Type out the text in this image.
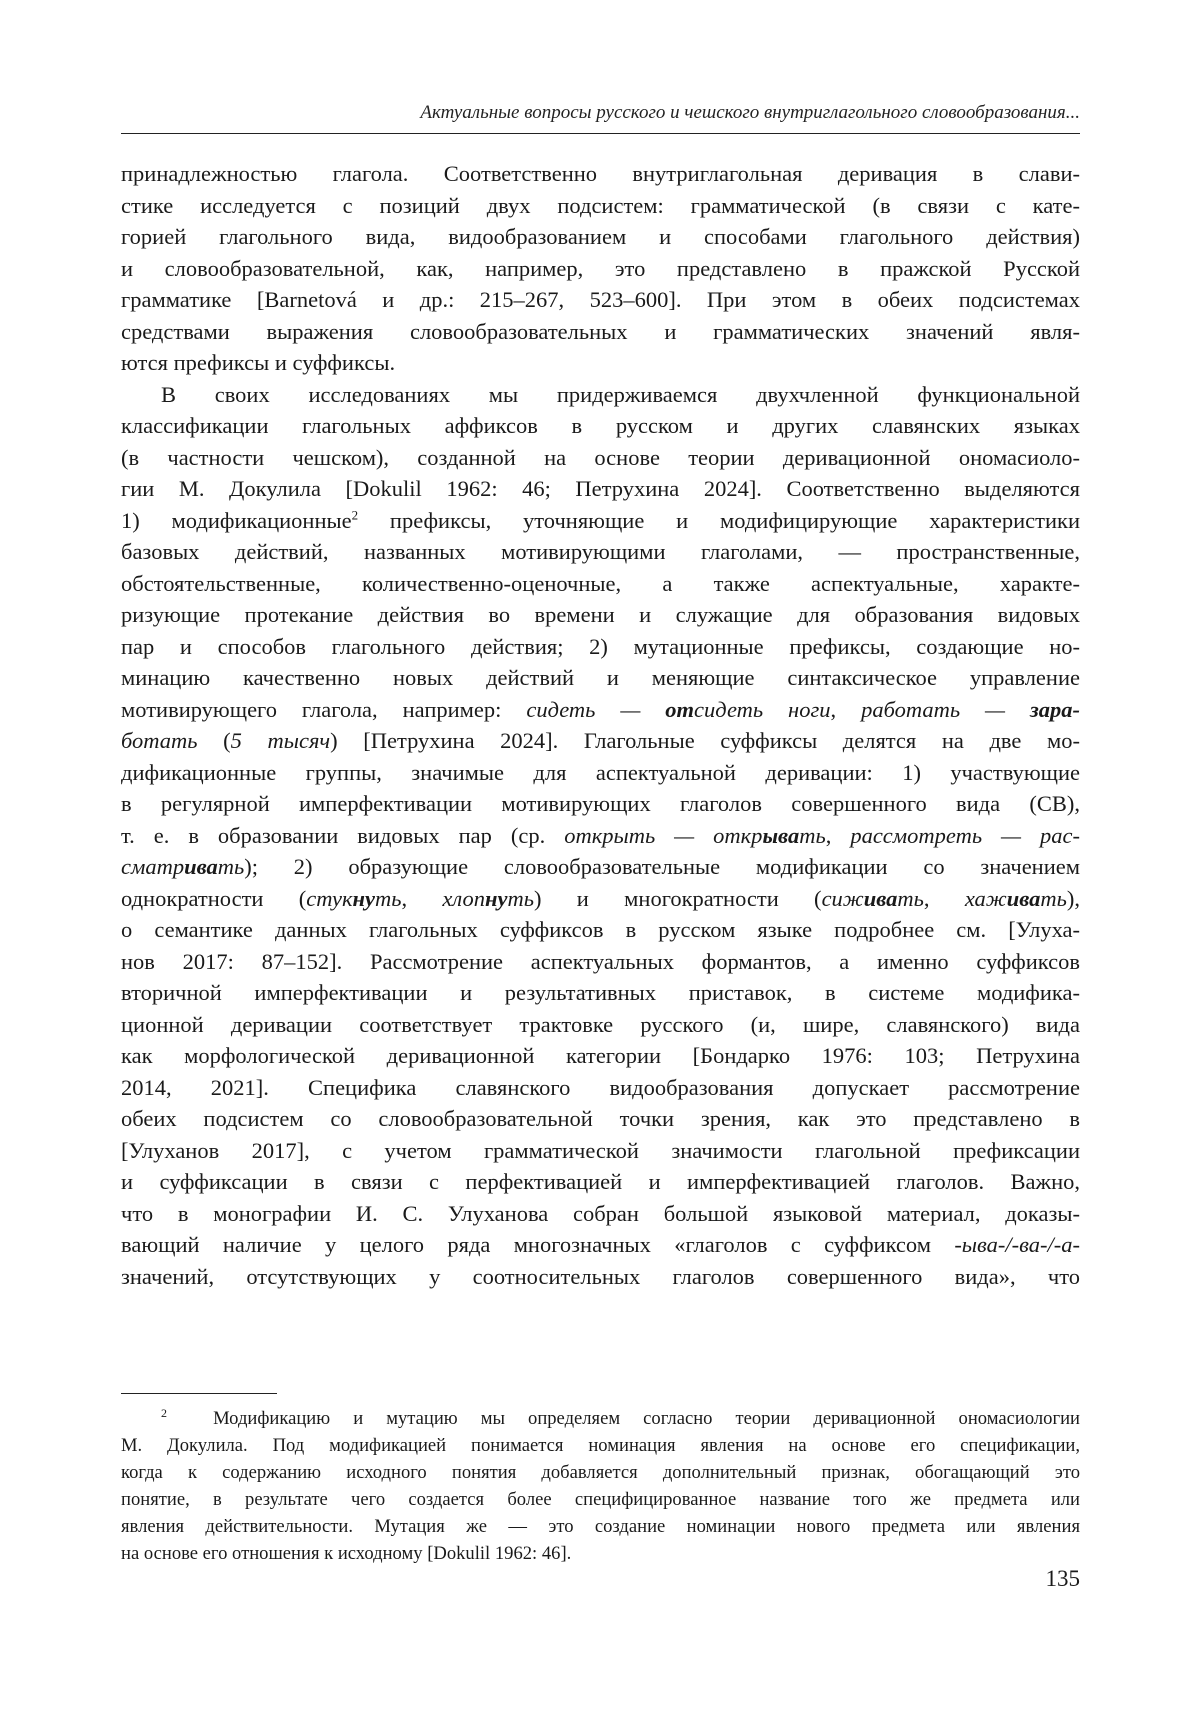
Актуальные вопросы русского и чешского внутриглагольного словообразования...

принадлежностью глагола. Соответственно внутриглагольная деривация в слави-
стике исследуется с позиций двух подсистем: грамматической (в связи с кате-
горией глагольного вида, видообразованием и способами глагольного действия)
и словообразовательной, как, например, это представлено в пражской Русской
грамматике [Barnetová и др.: 215–267, 523–600]. При этом в обеих подсистемах
средствами выражения словообразовательных и грамматических значений явля-
ются префиксы и суффиксы.

В своих исследованиях мы придерживаемся двухчленной функциональной
классификации глагольных аффиксов в русском и других славянских языках
(в частности чешском), созданной на основе теории деривационной ономасиоло-
гии М. Докулила [Dokulil 1962: 46; Петрухина 2024]. Соответственно выделяются
1) модификационные$^2$ префиксы, уточняющие и модифицирующие характеристики
базовых действий, названных мотивирующими глаголами, — пространственные,
обстоятельственные, количественно-оценочные, а также аспектуальные, характе-
ризующие протекание действия во времени и служащие для образования видовых
пар и способов глагольного действия; 2) мутационные префиксы, создающие но-
минацию качественно новых действий и меняющие синтаксическое управление
мотивирующего глагола, например: сидеть — отсидеть ноги, работать — зара-
ботать (5 тысяч) [Петрухина 2024]. Глагольные суффиксы делятся на две мо-
дификационные группы, значимые для аспектуальной деривации: 1) участвующие
в регулярной имперфективации мотивирующих глаголов совершенного вида (СВ),
т. е. в образовании видовых пар (ср. открыть — открывать, рассмотреть — рас-
сматривать); 2) образующие словообразовательные модификации со значением
однократности (стукнуть, хлопнуть) и многократности (сиживать, хаживать),
о семантике данных глагольных суффиксов в русском языке подробнее см. [Улуха-
нов 2017: 87–152]. Рассмотрение аспектуальных формантов, а именно суффиксов
вторичной имперфективации и результативных приставок, в системе модифика-
ционной деривации соответствует трактовке русского (и, шире, славянского) вида
как морфологической деривационной категории [Бондарко 1976: 103; Петрухина
2014, 2021]. Специфика славянского видообразования допускает рассмотрение
обеих подсистем со словообразовательной точки зрения, как это представлено в
[Улуханов 2017], с учетом грамматической значимости глагольной префиксации
и суффиксации в связи с перфективацией и имперфективацией глаголов. Важно,
что в монографии И. С. Улуханова собран большой языковой материал, доказы-
вающий наличие у целого ряда многозначных «глаголов с суффиксом -ыва-/-ва-/-а-
значений, отсутствующих у соотносительных глаголов совершенного вида», что

$^2$ Модификацию и мутацию мы определяем согласно теории деривационной ономасиологии
М. Докулила. Под модификацией понимается номинация явления на основе его спецификации,
когда к содержанию исходного понятия добавляется дополнительный признак, обогащающий это
понятие, в результате чего создается более специфицированное название того же предмета или
явления действительности. Мутация же — это создание номинации нового предмета или явления
на основе его отношения к исходному [Dokulil 1962: 46].
135
